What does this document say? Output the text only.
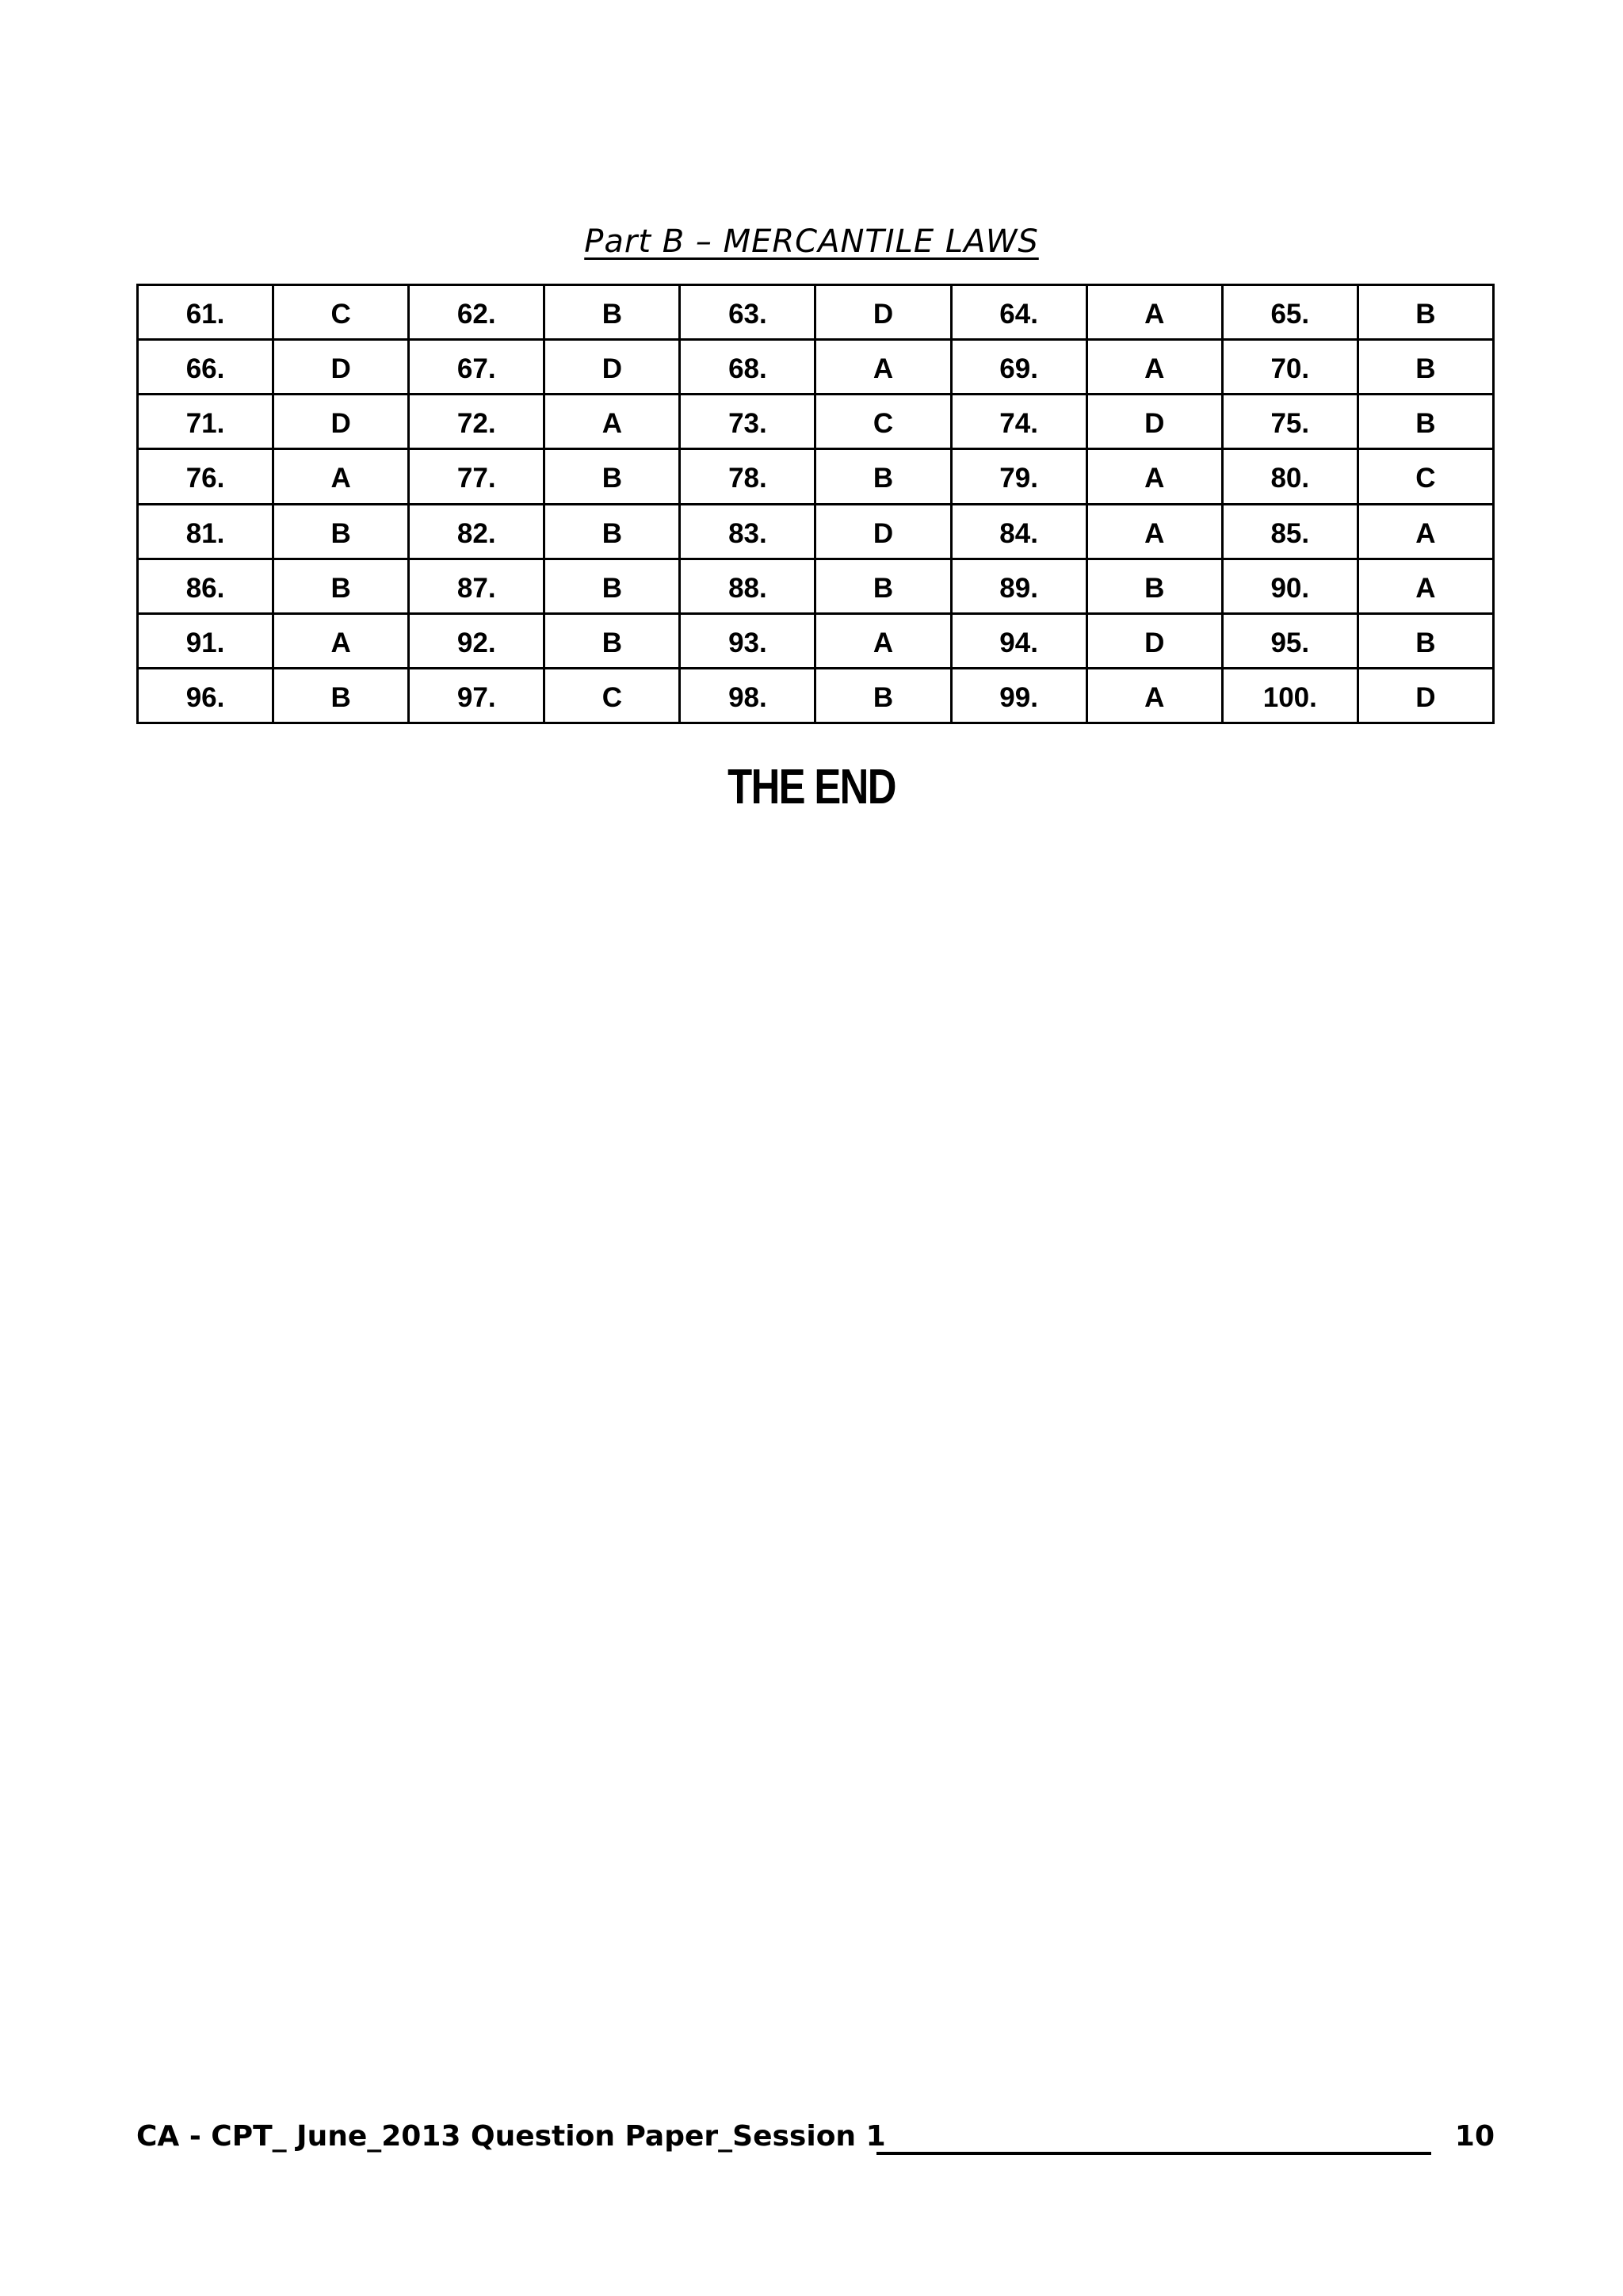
Part B – MERCANTILE LAWS
61.	C	62.	B	63.	D	64.	A	65.	B
66.	D	67.	D	68.	A	69.	A	70.	B
71.	D	72.	A	73.	C	74.	D	75.	B
76.	A	77.	B	78.	B	79.	A	80.	C
81.	B	82.	B	83.	D	84.	A	85.	A
86.	B	87.	B	88.	B	89.	B	90.	A
91.	A	92.	B	93.	A	94.	D	95.	B
96.	B	97.	C	98.	B	99.	A	100.	D
THE END
CA - CPT_ June_2013 Question Paper_Session 1	10
